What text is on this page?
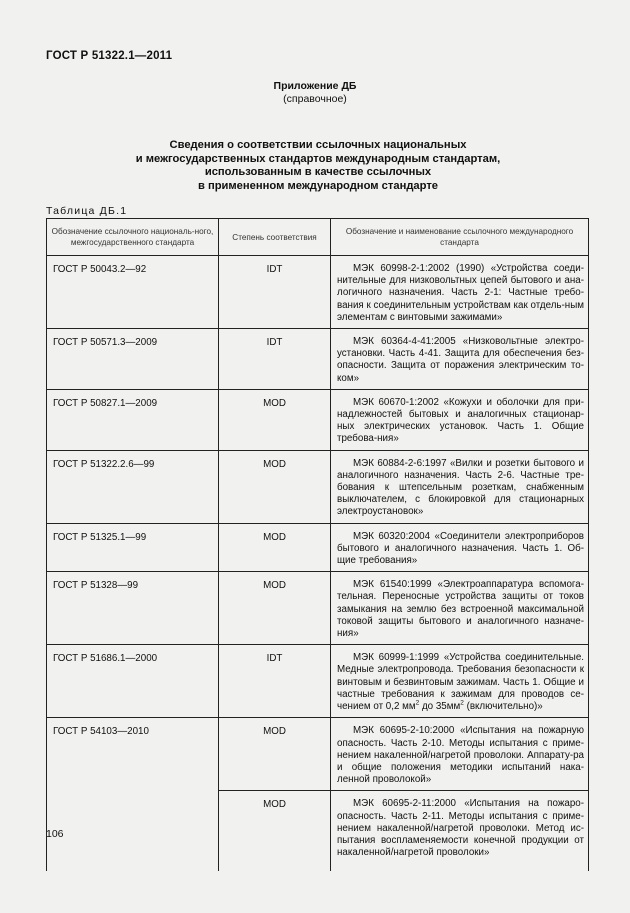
ГОСТ Р 51322.1—2011
Приложение ДБ
(справочное)
Сведения о соответствии ссылочных национальных
и межгосударственных стандартов международным стандартам,
использованным в качестве ссылочных
в примененном международном стандарте
Таблица ДБ.1
Обозначение ссылочного националь-ного, межгосударственного стандарта	Степень соответствия	Обозначение и наименование ссылочного международного стандарта
ГОСТ Р 50043.2—92	IDT	МЭК 60998-2-1:2002 (1990) «Устройства соеди-нительные для низковольтных цепей бытового и ана-логичного назначения. Часть 2-1: Частные требо-вания к соединительным устройствам как отдель-ным элементам с винтовыми зажимами»
ГОСТ Р 50571.3—2009	IDT	МЭК 60364-4-41:2005 «Низковольтные электро-установки. Часть 4-41. Защита для обеспечения без-опасности. Защита от поражения электрическим то-ком»
ГОСТ Р 50827.1—2009	MOD	МЭК 60670-1:2002 «Кожухи и оболочки для при-надлежностей бытовых и аналогичных стационар-ных электрических установок. Часть 1. Общие требова-ния»
ГОСТ Р 51322.2.6—99	MOD	МЭК 60884-2-6:1997 «Вилки и розетки бытового и аналогичного назначения. Часть 2-6. Частные тре-бования к штепсельным розеткам, снабженным выключателем, с блокировкой для стационарных электроустановок»
ГОСТ Р 51325.1—99	MOD	МЭК 60320:2004 «Соединители электроприборов бытового и аналогичного назначения. Часть 1. Об-щие требования»
ГОСТ Р 51328—99	MOD	МЭК 61540:1999 «Электроаппаратура вспомога-тельная. Переносные устройства защиты от токов замыкания на землю без встроенной максимальной токовой защиты бытового и аналогичного назначе-ния»
ГОСТ Р 51686.1—2000	IDT	МЭК 60999-1:1999 «Устройства соединительные. Медные электропровода. Требования безопасности к винтовым и безвинтовым зажимам. Часть 1. Общие и частные требования к зажимам для проводов се-чением от 0,2 $мм^2$ до $35мм^2$ (включительно)»
ГОСТ Р 54103—2010	MOD	МЭК 60695-2-10:2000 «Испытания на пожарную опасность. Часть 2-10. Методы испытания с приме-нением накаленной/нагретой проволоки. Аппарату-ра и общие положения методики испытаний нака-ленной проволокой»
	MOD	МЭК 60695-2-11:2000 «Испытания на пожаро-опасность. Часть 2-11. Методы испытания с приме-нением накаленной/нагретой проволоки. Метод ис-пытания воспламеняемости конечной продукции от накаленной/нагретой проволоки»
106
